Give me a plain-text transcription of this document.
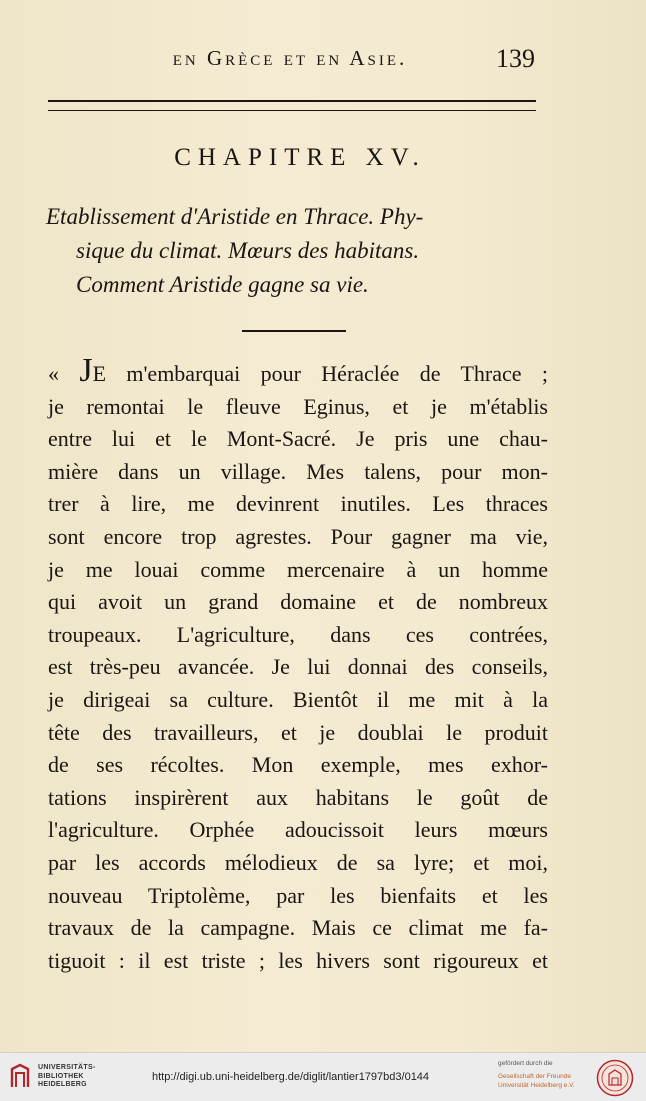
en Grèce et en Asie.	139
CHAPITRE XV.
Etablissement d'Aristide en Thrace. Phy-
sique du climat. Mœurs des habitans.
Comment Aristide gagne sa vie.
« JE m'embarquai pour Héraclée de Thrace ;
je remontai le fleuve Eginus, et je m'établis
entre lui et le Mont-Sacré. Je pris une chau-
mière dans un village. Mes talens, pour mon-
trer à lire, me devinrent inutiles. Les thraces
sont encore trop agrestes. Pour gagner ma vie,
je me louai comme mercenaire à un homme
qui avoit un grand domaine et de nombreux
troupeaux. L'agriculture, dans ces contrées,
est très-peu avancée. Je lui donnai des conseils,
je dirigeai sa culture. Bientôt il me mit à la
tête des travailleurs, et je doublai le produit
de ses récoltes. Mon exemple, mes exhor-
tations inspirèrent aux habitans le goût de
l'agriculture. Orphée adoucissoit leurs mœurs
par les accords mélodieux de sa lyre; et moi,
nouveau Triptolème, par les bienfaits et les
travaux de la campagne. Mais ce climat me fa-
tiguoit : il est triste ; les hivers sont rigoureux et
UNIVERSITÄTS-
BIBLIOTHEK
HEIDELBERG
http://digi.ub.uni-heidelberg.de/diglit/lantier1797bd3/0144
gefördert durch die
Gesellschaft der Freunde
Universität Heidelberg e.V.
